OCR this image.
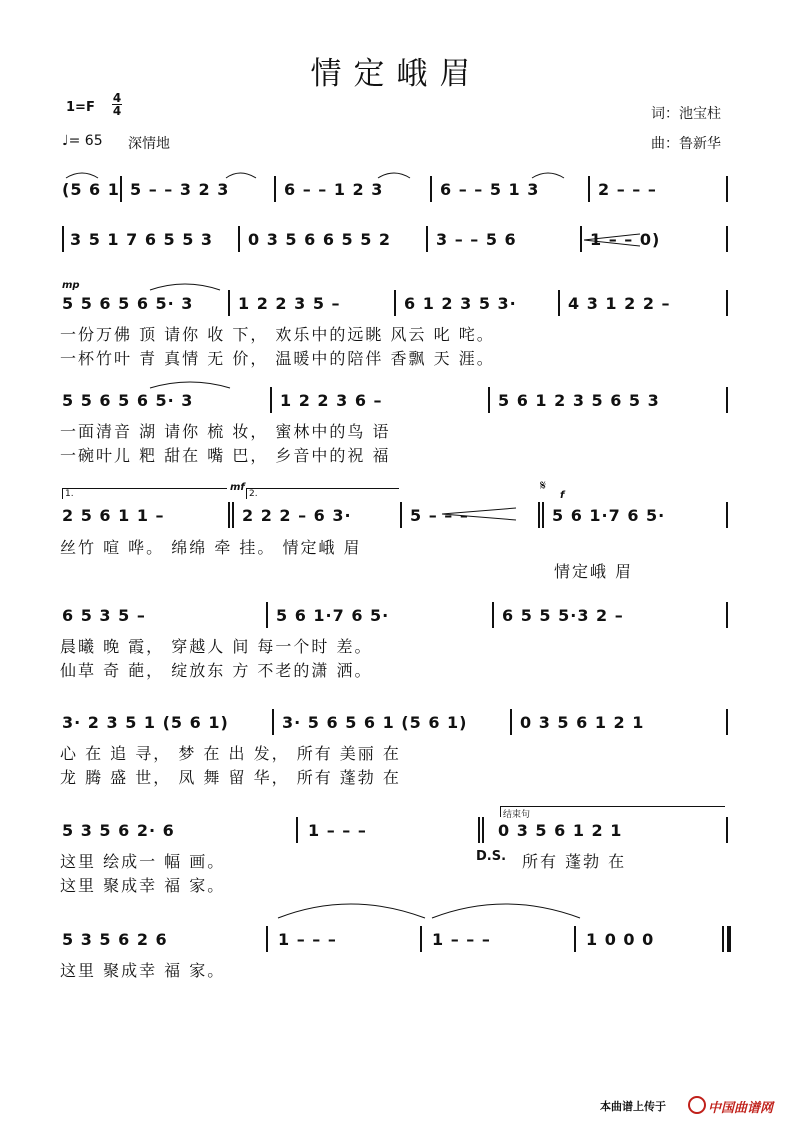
情定峨眉
1=F
4
4
♩= 65 深情地
词：池宝柱
曲：鲁新华
(5 6 1 5 – – 3 2 3	6 – – 1 2 3	6 – – 5 1 3	2 – – –
3 5 1 7 6 5 5 3 0 3 5 6 6 5 5 2	3 – – 5 6	1 – – 0)
mp
5 5 6 5 6 5· 3	1 2 2 3 5 –	6 1 2 3 5 3·	4 3 1 2 2 –
一份万佛 顶 请你 收 下， 欢乐中的远眺 风云 叱 咤。
一杯竹叶 青 真情 无 价， 温暖中的陪伴 香飘 天 涯。
5 5 6 5 6 5· 3	1 2 2 3 6 –	5 6 1 2 3 5 6 5 3
一面清音 湖 请你 梳 妆， 蜜林中的鸟 语
一碗叶儿 粑 甜在 嘴 巴， 乡音中的祝 福
1.	2.
mf	𝄋
f
2 5 6 1 1 –	2 2 2 – 6 3·	5 – – –	5 6 1·7 6 5·
丝竹 喧 哗。 绵绵 牵 挂。 情定峨 眉
情定峨 眉
6 5 3 5 –	5 6 1·7 6 5·	6 5 5 5·3 2 –
晨曦 晚 霞， 穿越人 间 每一个时 差。
仙草 奇 葩， 绽放东 方 不老的潇 洒。
3· 2 3 5 1 (5 6 1)	3· 5 6 5 6 1 (5 6 1)	0 3 5 6 1 2 1
心 在 追 寻， 梦 在 出 发， 所有 美丽 在
龙 腾 盛 世， 凤 舞 留 华， 所有 蓬勃 在
结束句
5 3 5 6 2· 6	1 – – –	0 3 5 6 1 2 1
这里 绘成一 幅 画。	D.S. 所有 蓬勃 在
这里 聚成幸 福 家。
5 3 5 6 2 6	1 – – –	1 – – –	1 0 0 0
这里 聚成幸 福 家。
本曲谱上传于	中国曲谱网
